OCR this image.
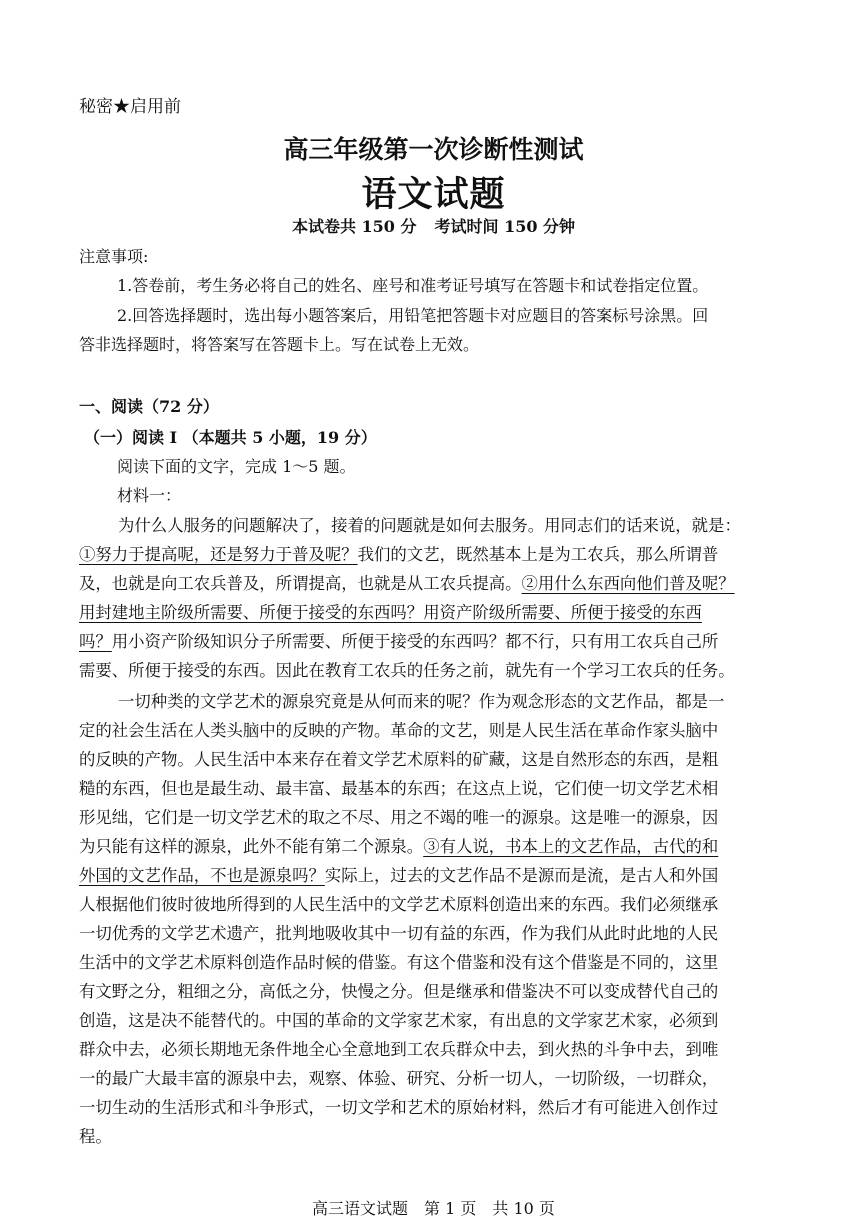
秘密★启用前
高三年级第一次诊断性测试
语文试题
本试卷共 150 分 考试时间 150 分钟
注意事项:
1.答卷前，考生务必将自己的姓名、座号和准考证号填写在答题卡和试卷指定位置。
2.回答选择题时，选出每小题答案后，用铅笔把答题卡对应题目的答案标号涂黑。回
答非选择题时，将答案写在答题卡上。写在试卷上无效。
一、阅读（72 分）
（一）阅读 I （本题共 5 小题，19 分）
阅读下面的文字，完成 1～5 题。
材料一：
为什么人服务的问题解决了，接着的问题就是如何去服务。用同志们的话来说，就是：
①努力于提高呢，还是努力于普及呢？我们的文艺，既然基本上是为工农兵，那么所谓普
及，也就是向工农兵普及，所谓提高，也就是从工农兵提高。②用什么东西向他们普及呢？
用封建地主阶级所需要、所便于接受的东西吗？用资产阶级所需要、所便于接受的东西
吗？用小资产阶级知识分子所需要、所便于接受的东西吗？都不行，只有用工农兵自己所
需要、所便于接受的东西。因此在教育工农兵的任务之前，就先有一个学习工农兵的任务。
一切种类的文学艺术的源泉究竟是从何而来的呢？作为观念形态的文艺作品，都是一
定的社会生活在人类头脑中的反映的产物。革命的文艺，则是人民生活在革命作家头脑中
的反映的产物。人民生活中本来存在着文学艺术原料的矿藏，这是自然形态的东西，是粗
糙的东西，但也是最生动、最丰富、最基本的东西；在这点上说，它们使一切文学艺术相
形见绌，它们是一切文学艺术的取之不尽、用之不竭的唯一的源泉。这是唯一的源泉，因
为只能有这样的源泉，此外不能有第二个源泉。③有人说，书本上的文艺作品，古代的和
外国的文艺作品，不也是源泉吗？实际上，过去的文艺作品不是源而是流，是古人和外国
人根据他们彼时彼地所得到的人民生活中的文学艺术原料创造出来的东西。我们必须继承
一切优秀的文学艺术遗产，批判地吸收其中一切有益的东西，作为我们从此时此地的人民
生活中的文学艺术原料创造作品时候的借鉴。有这个借鉴和没有这个借鉴是不同的，这里
有文野之分，粗细之分，高低之分，快慢之分。但是继承和借鉴决不可以变成替代自己的
创造，这是决不能替代的。中国的革命的文学家艺术家，有出息的文学家艺术家，必须到
群众中去，必须长期地无条件地全心全意地到工农兵群众中去，到火热的斗争中去，到唯
一的最广大最丰富的源泉中去，观察、体验、研究、分析一切人，一切阶级，一切群众，
一切生动的生活形式和斗争形式，一切文学和艺术的原始材料，然后才有可能进入创作过
程。
高三语文试题　第 1 页　共 10 页
